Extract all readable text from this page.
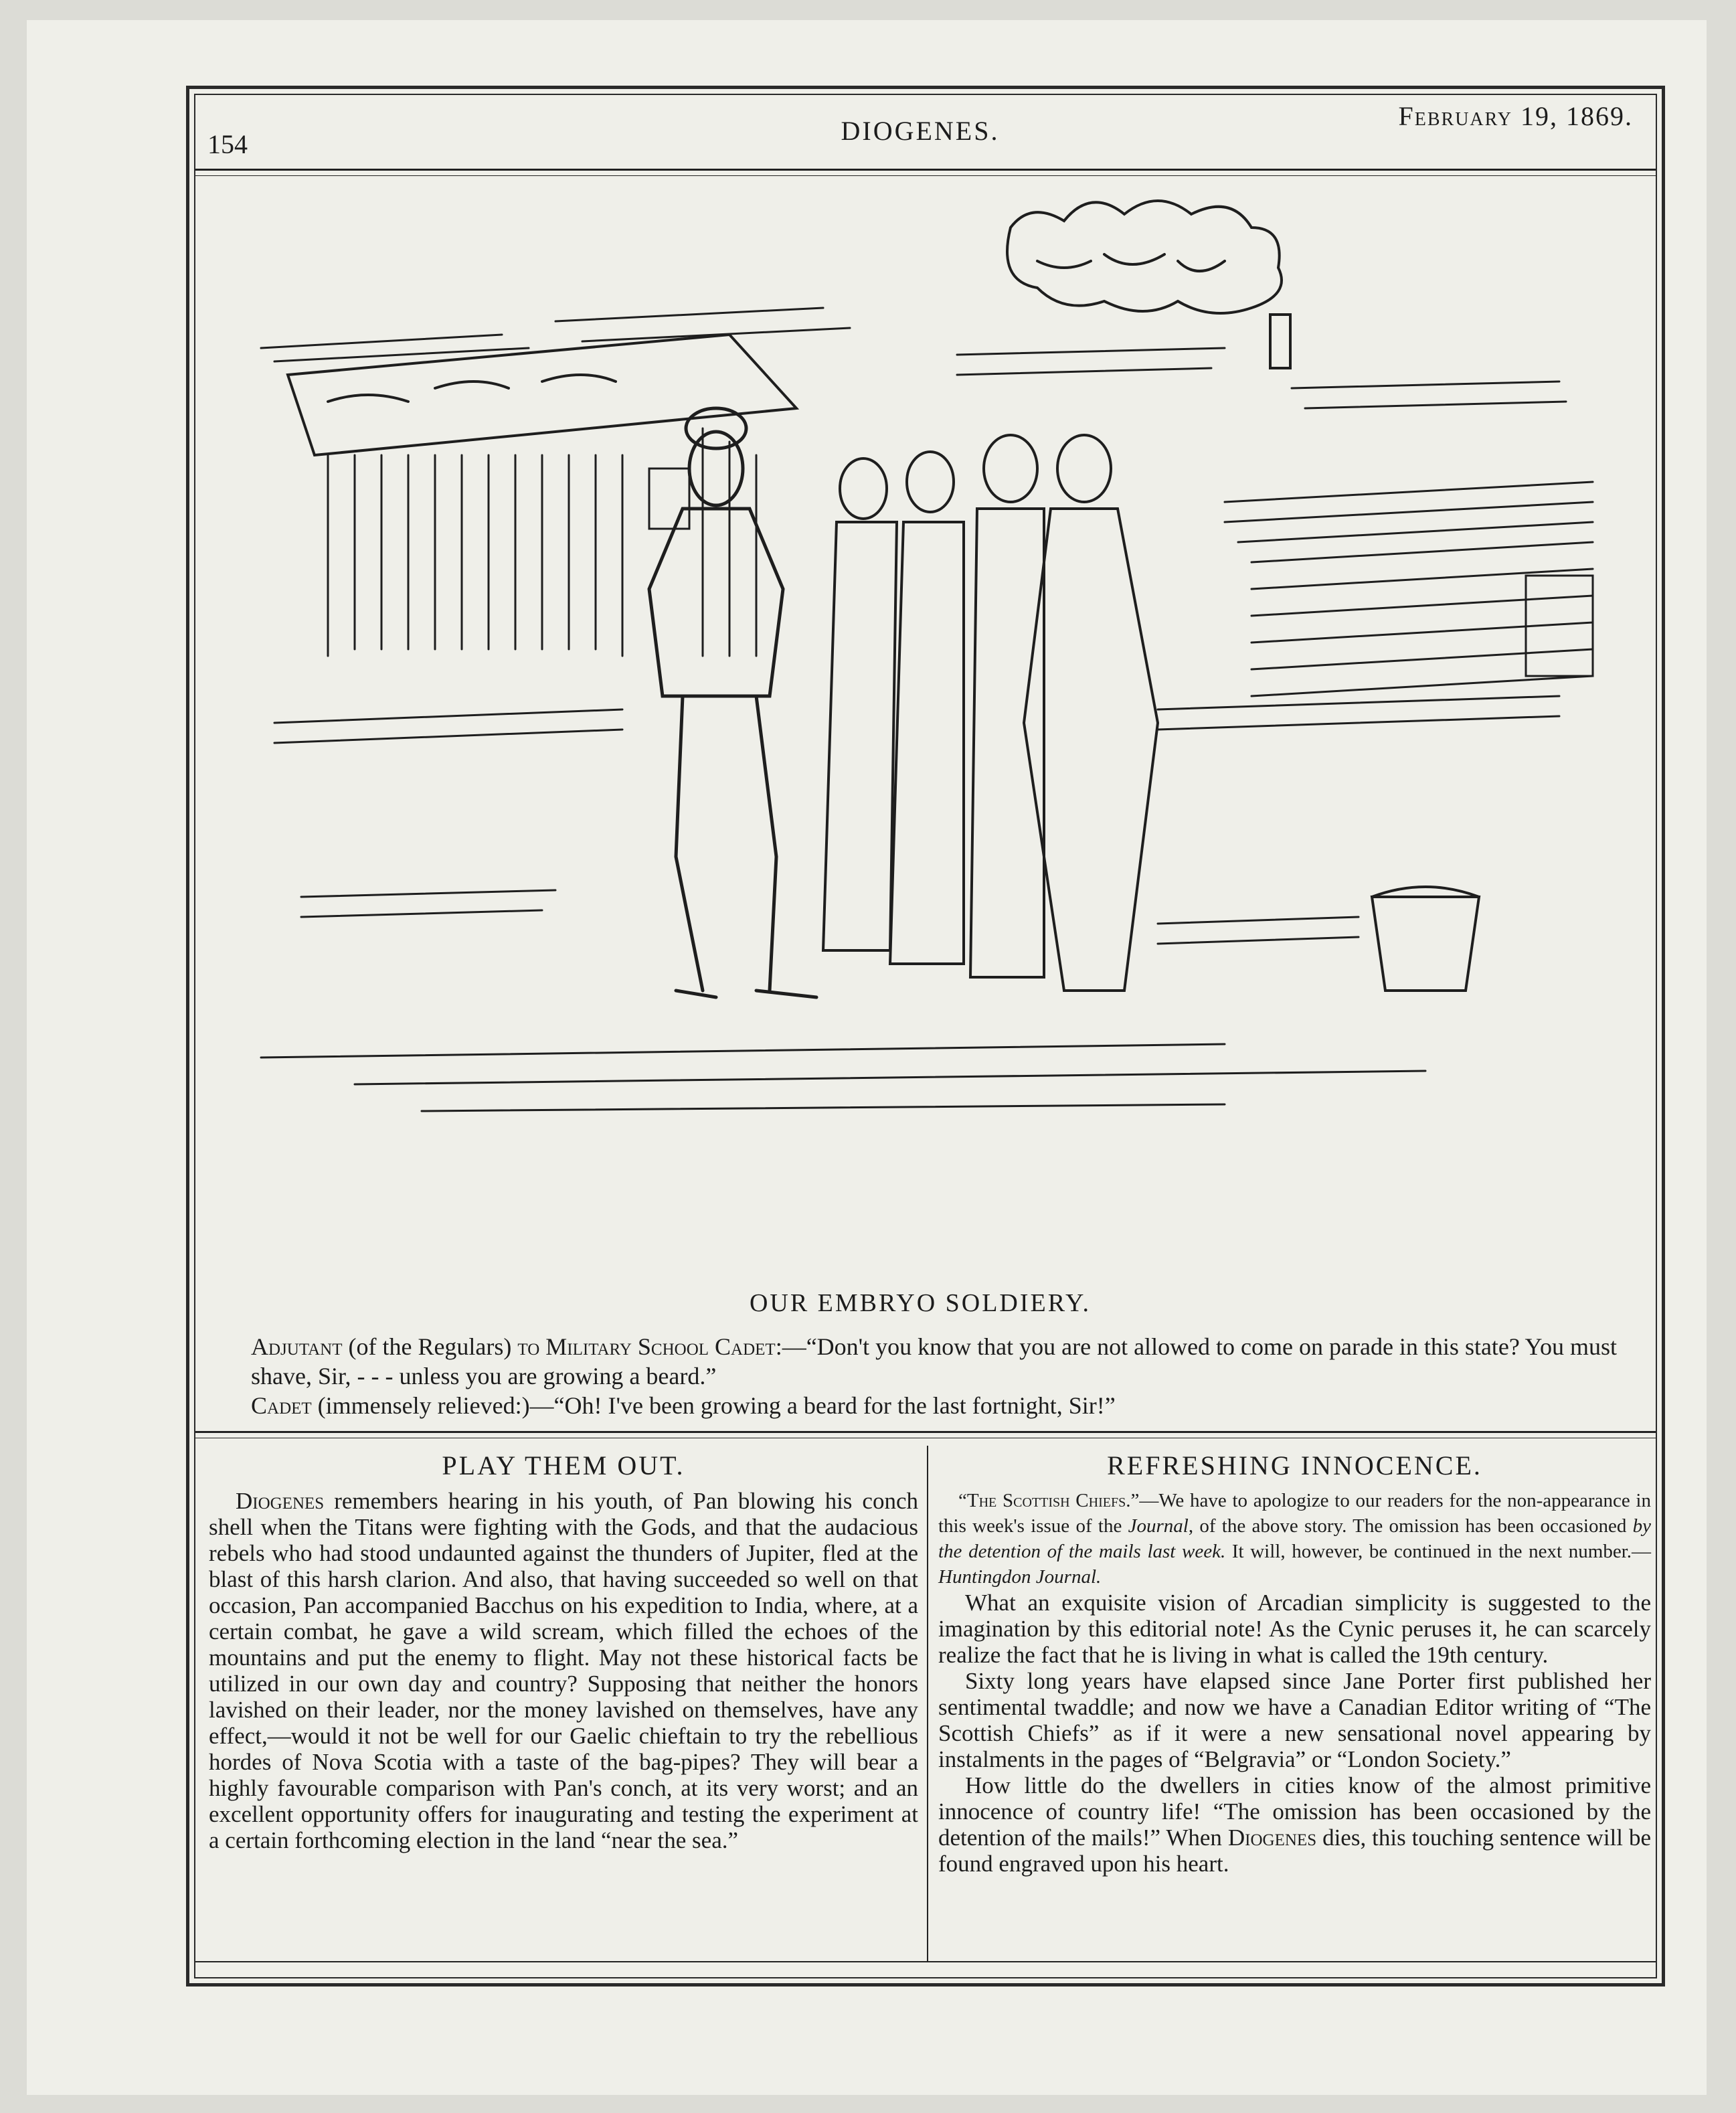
154	DIOGENES.	February 19, 1869.
OUR EMBRYO SOLDIERY.

Adjutant (of the Regulars) to Military School Cadet:—“Don't you know that you are not allowed to come on parade in this state? You must shave, Sir, - - - unless you are growing a beard.”

Cadet (immensely relieved:)—“Oh! I've been growing a beard for the last fortnight, Sir!”

PLAY THEM OUT.

Diogenes remembers hearing in his youth, of Pan blowing his conch shell when the Titans were fighting with the Gods, and that the audacious rebels who had stood undaunted against the thunders of Jupiter, fled at the blast of this harsh clarion. And also, that having succeeded so well on that occasion, Pan accompanied Bacchus on his expedition to India, where, at a certain combat, he gave a wild scream, which filled the echoes of the mountains and put the enemy to flight. May not these historical facts be utilized in our own day and country? Supposing that neither the honors lavished on their leader, nor the money lavished on themselves, have any effect,—would it not be well for our Gaelic chieftain to try the rebellious hordes of Nova Scotia with a taste of the bag-pipes? They will bear a highly favourable comparison with Pan's conch, at its very worst; and an excellent opportunity offers for inaugurating and testing the experiment at a certain forthcoming election in the land “near the sea.”

REFRESHING INNOCENCE.

“The Scottish Chiefs.”—We have to apologize to our readers for the non-appearance in this week's issue of the Journal, of the above story. The omission has been occasioned by the detention of the mails last week. It will, however, be continued in the next number.—Huntingdon Journal.

What an exquisite vision of Arcadian simplicity is suggested to the imagination by this editorial note! As the Cynic peruses it, he can scarcely realize the fact that he is living in what is called the 19th century.

Sixty long years have elapsed since Jane Porter first published her sentimental twaddle; and now we have a Canadian Editor writing of “The Scottish Chiefs” as if it were a new sensational novel appearing by instalments in the pages of “Belgravia” or “London Society.”

How little do the dwellers in cities know of the almost primitive innocence of country life! “The omission has been occasioned by the detention of the mails!” When Diogenes dies, this touching sentence will be found engraved upon his heart.
